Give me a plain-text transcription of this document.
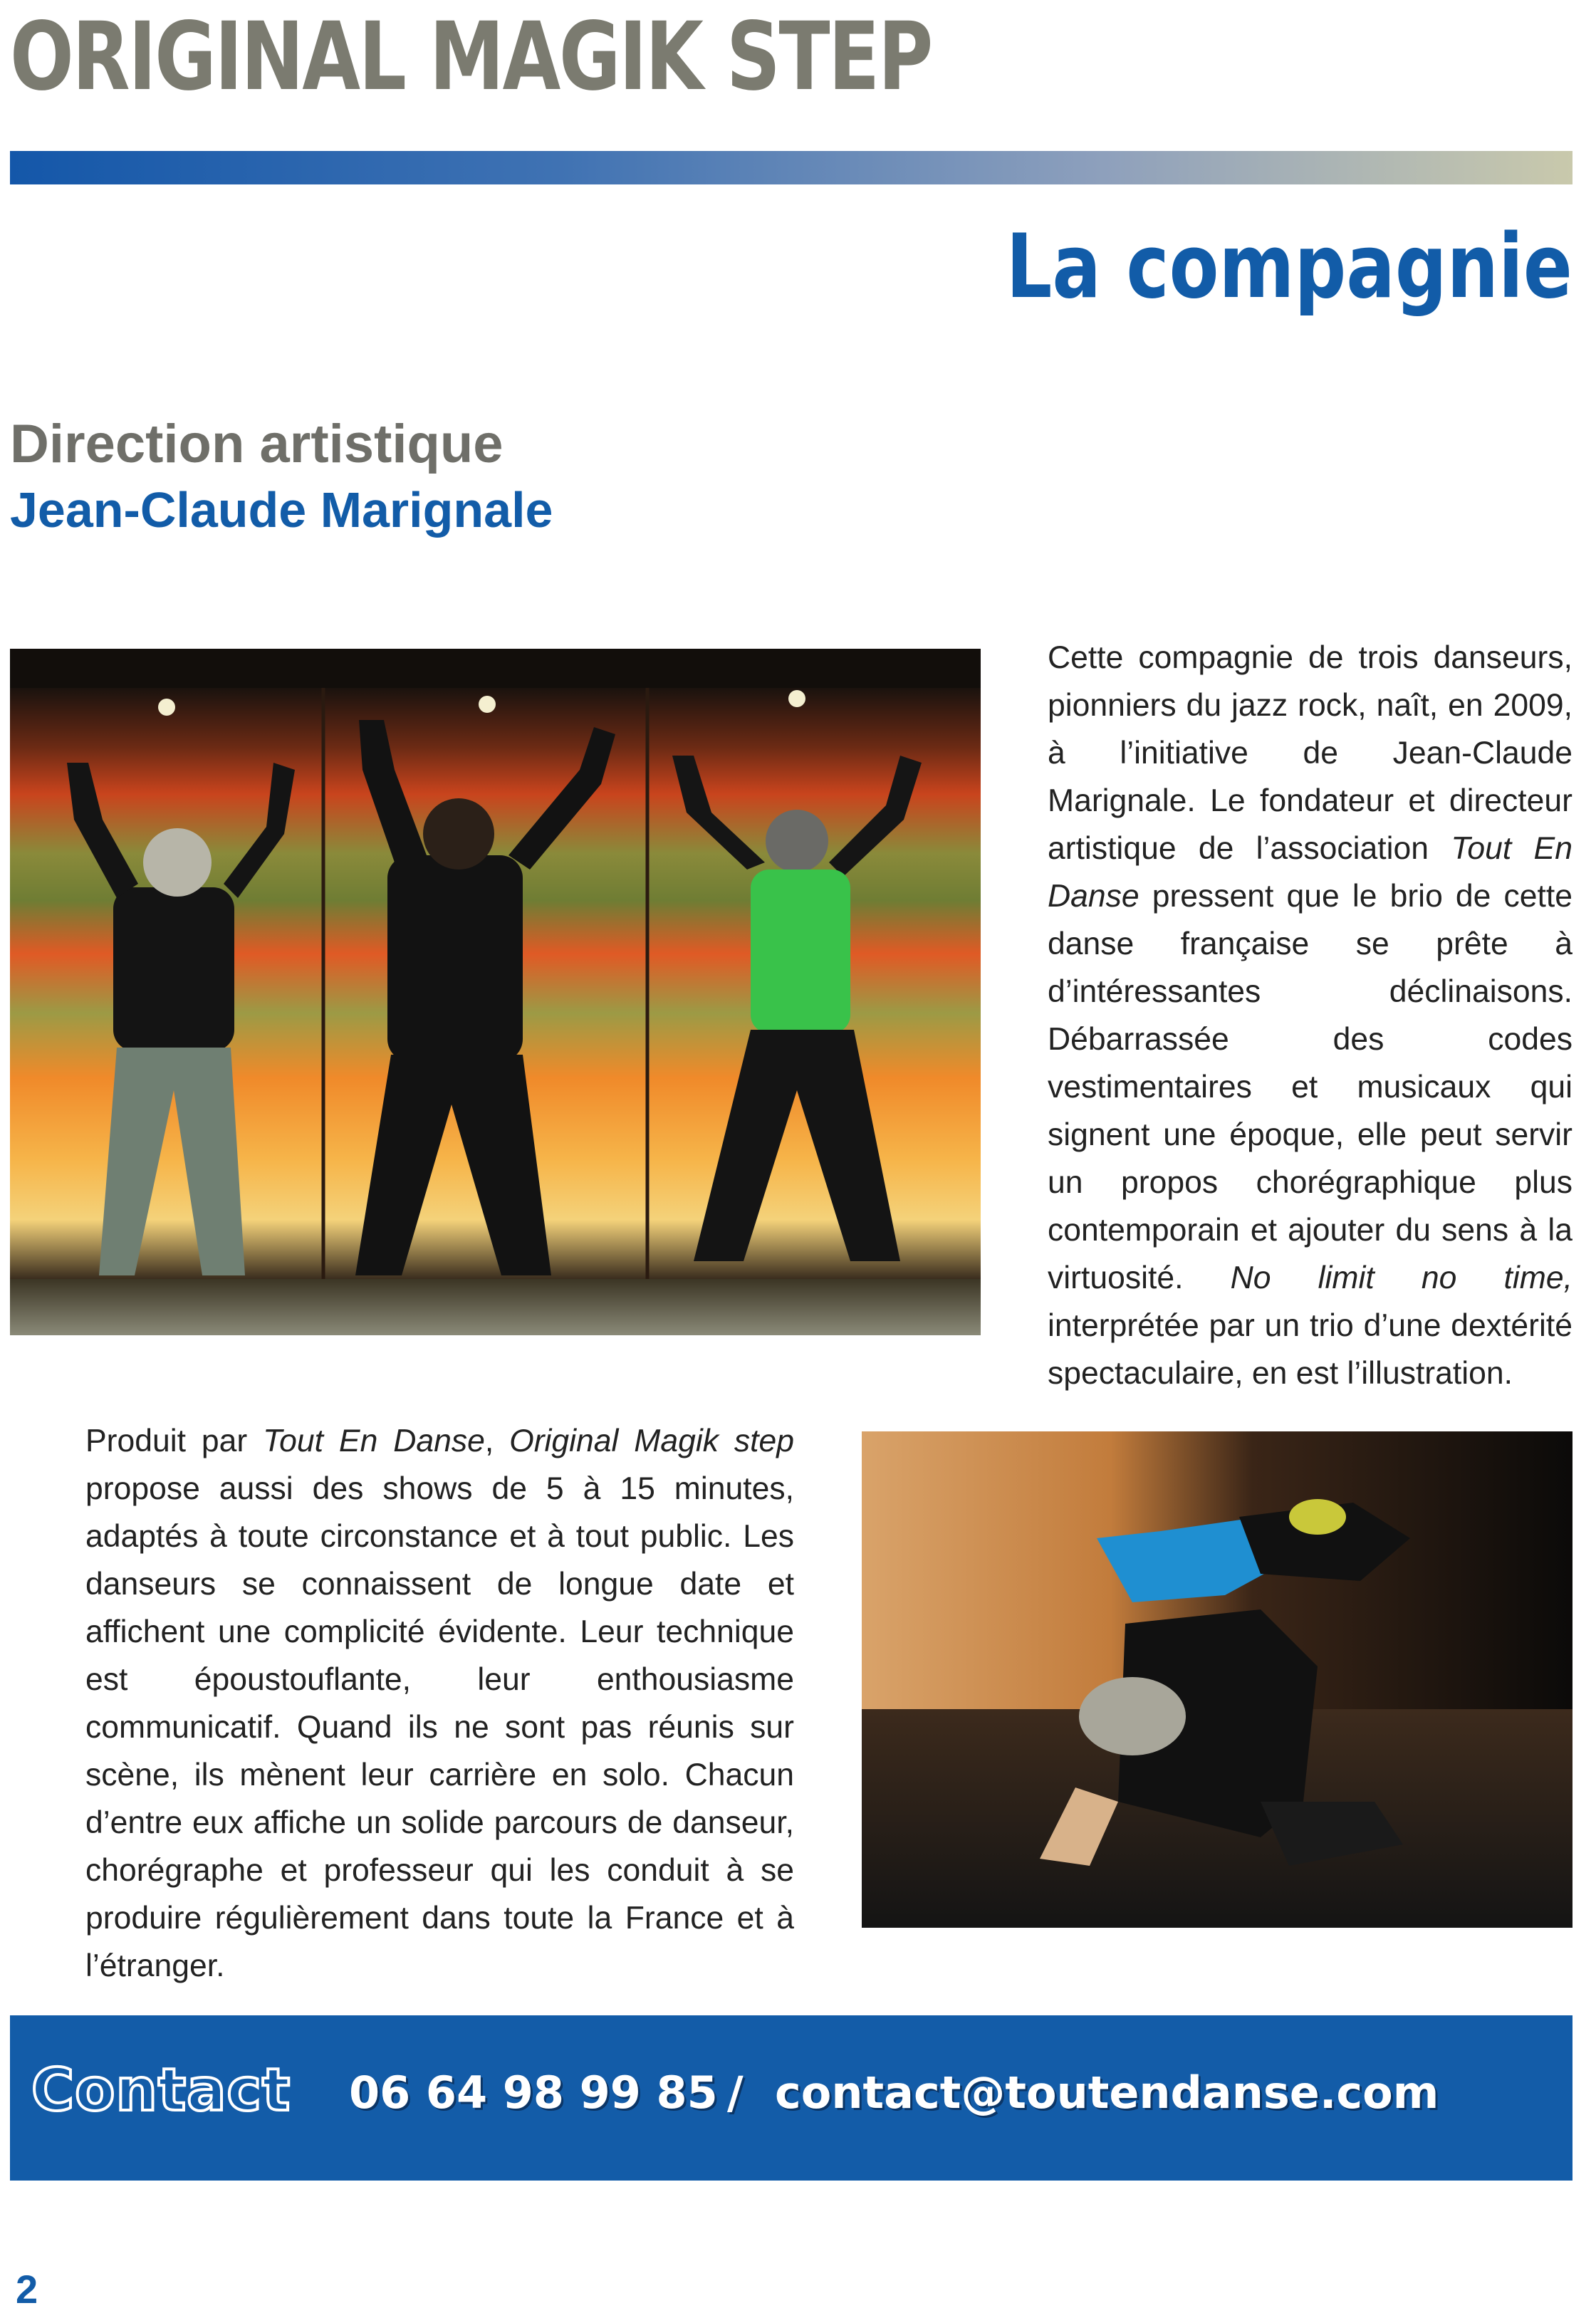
ORIGINAL MAGIK STEP
La compagnie
Direction artistique
Jean-Claude Marignale
Cette compagnie de trois danseurs, pionniers du jazz rock, naît, en 2009, à l’initiative de Jean-Claude Marignale. Le fondateur et directeur artistique de l’association Tout En Danse pressent que le brio de cette danse française se prête à d’intéressantes déclinaisons. Débarrassée des codes vestimentaires et musicaux qui signent une époque, elle peut servir un propos chorégraphique plus contemporain et ajouter du sens à la virtuosité. No limit no time, interprétée par un trio d’une dextérité spectaculaire, en est l’illustration.
Produit par Tout En Danse, Original Magik step propose aussi des shows de 5 à 15 minutes, adaptés à toute circonstance et à tout public. Les danseurs se connaissent de longue date et affichent une complicité évidente. Leur technique est époustouflante, leur enthousiasme communicatif. Quand ils ne sont pas réunis sur scène, ils mènent leur carrière en solo. Chacun d’entre eux affiche un solide parcours de danseur, chorégraphe et professeur qui les conduit à se produire régulièrement dans toute la France et à l’étranger.
Contact 06 64 98 99 85 / contact@toutendanse.com
2
